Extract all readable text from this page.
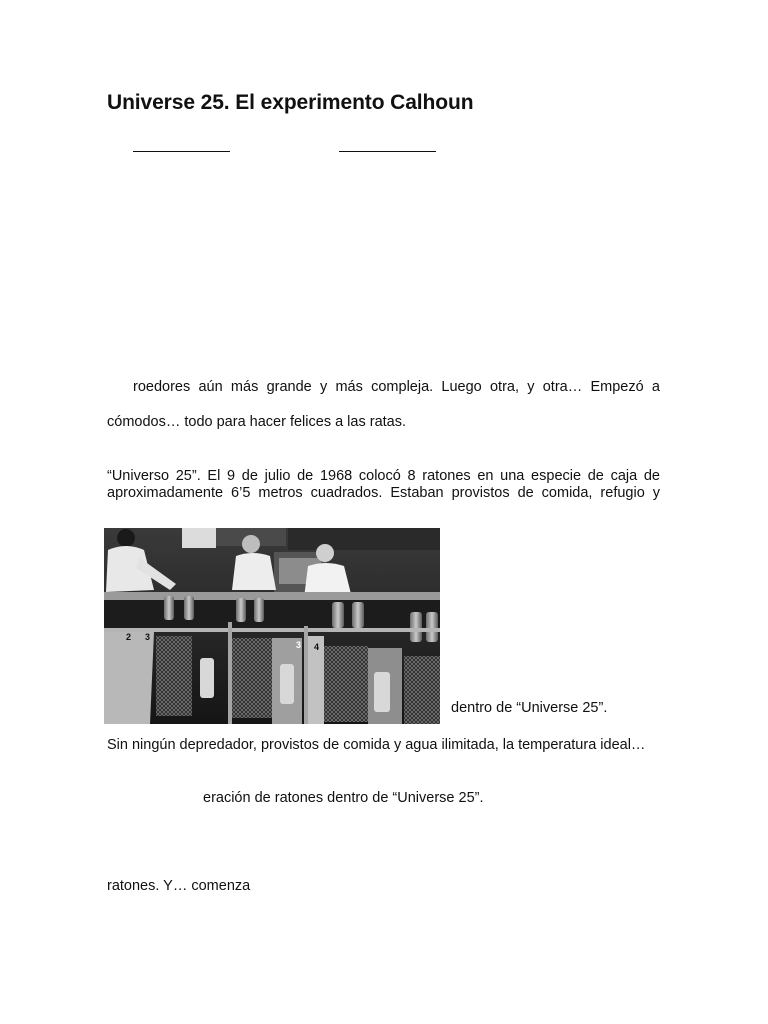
Universe 25. El experimento Calhoun
roedores aún más grande y más compleja. Luego otra, y otra… Empezó a
cómodos… todo para hacer felices a las ratas.
“Universo 25”. El 9 de julio de 1968 colocó 8 ratones en una especie de caja de
aproximadamente 6’5 metros cuadrados. Estaban provistos de comida, refugio y
2 3
3 4
dentro de “Universe 25”.
Sin ningún depredador, provistos de comida y agua ilimitada, la temperatura ideal…
eración de ratones dentro de “Universe 25”.
ratones. Y… comenza
